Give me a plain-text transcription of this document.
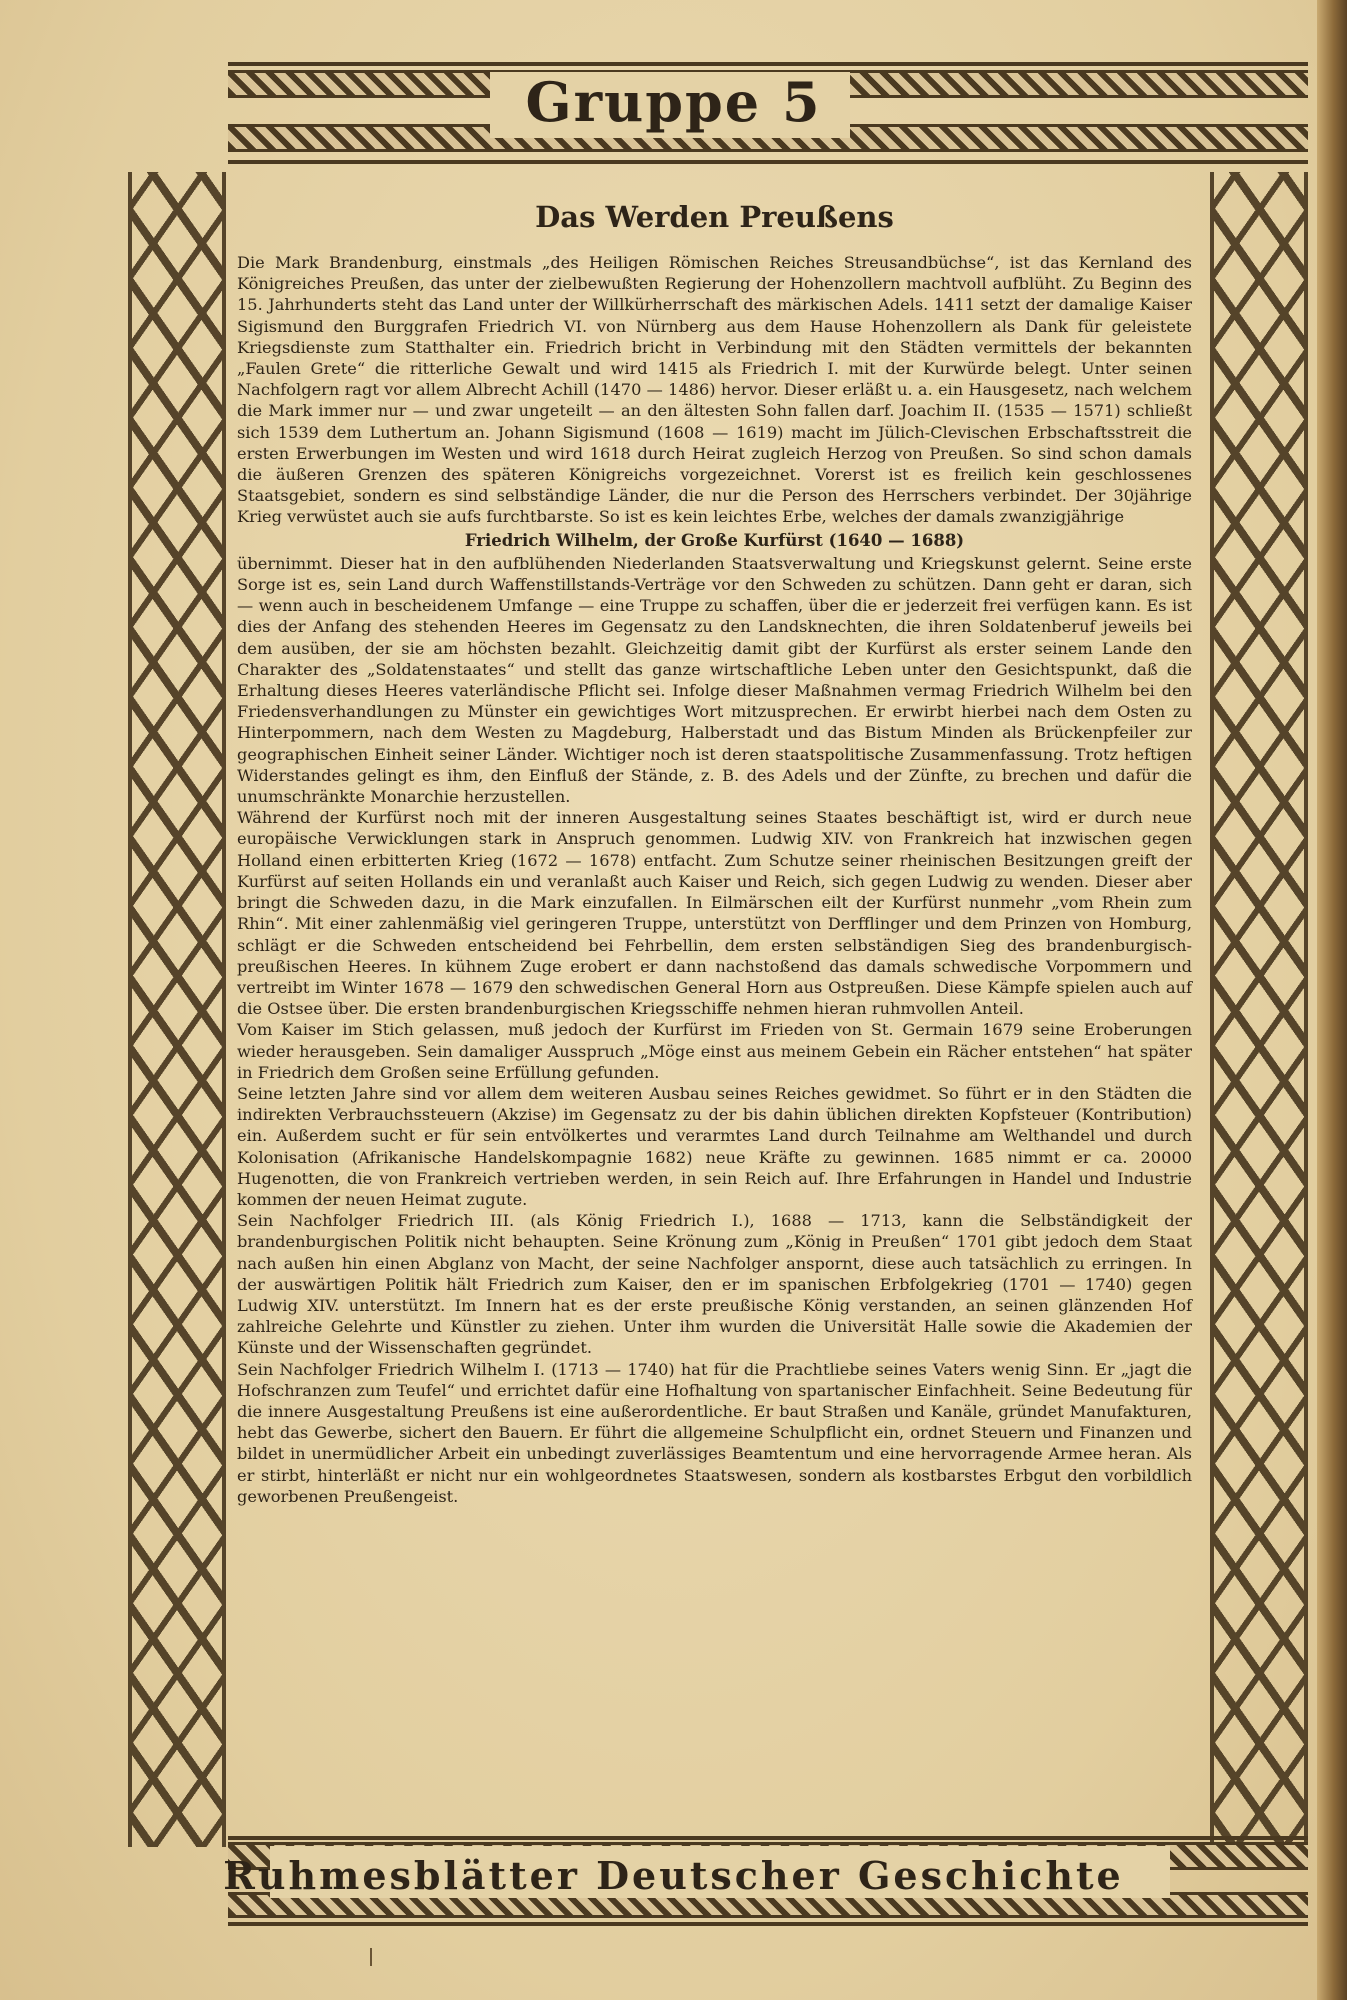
Gruppe 5
Das Werden Preußens

Die Mark Brandenburg, einstmals „des Heiligen Römischen Reiches Streusandbüchse“, ist das Kernland des Königreiches Preußen, das unter der zielbewußten Regierung der Hohenzollern machtvoll aufblüht. Zu Beginn des 15. Jahrhunderts steht das Land unter der Willkürherrschaft des märkischen Adels. 1411 setzt der damalige Kaiser Sigismund den Burggrafen Friedrich VI. von Nürnberg aus dem Hause Hohenzollern als Dank für geleistete Kriegsdienste zum Statthalter ein. Friedrich bricht in Verbindung mit den Städten vermittels der bekannten „Faulen Grete“ die ritterliche Gewalt und wird 1415 als Friedrich I. mit der Kurwürde belegt. Unter seinen Nachfolgern ragt vor allem Albrecht Achill (1470 — 1486) hervor. Dieser erläßt u. a. ein Hausgesetz, nach welchem die Mark immer nur — und zwar ungeteilt — an den ältesten Sohn fallen darf. Joachim II. (1535 — 1571) schließt sich 1539 dem Luthertum an. Johann Sigismund (1608 — 1619) macht im Jülich-Clevischen Erbschaftsstreit die ersten Erwerbungen im Westen und wird 1618 durch Heirat zugleich Herzog von Preußen. So sind schon damals die äußeren Grenzen des späteren Königreichs vorgezeichnet. Vorerst ist es freilich kein geschlossenes Staatsgebiet, sondern es sind selbständige Länder, die nur die Person des Herrschers verbindet. Der 30jährige Krieg verwüstet auch sie aufs furchtbarste. So ist es kein leichtes Erbe, welches der damals zwanzigjährige

Friedrich Wilhelm, der Große Kurfürst (1640 — 1688)

übernimmt. Dieser hat in den aufblühenden Niederlanden Staatsverwaltung und Kriegskunst gelernt. Seine erste Sorge ist es, sein Land durch Waffenstillstands-Verträge vor den Schweden zu schützen. Dann geht er daran, sich — wenn auch in bescheidenem Umfange — eine Truppe zu schaffen, über die er jederzeit frei verfügen kann. Es ist dies der Anfang des stehenden Heeres im Gegensatz zu den Landsknechten, die ihren Soldatenberuf jeweils bei dem ausüben, der sie am höchsten bezahlt. Gleichzeitig damit gibt der Kurfürst als erster seinem Lande den Charakter des „Soldatenstaates“ und stellt das ganze wirtschaftliche Leben unter den Gesichtspunkt, daß die Erhaltung dieses Heeres vaterländische Pflicht sei. Infolge dieser Maßnahmen vermag Friedrich Wilhelm bei den Friedensverhandlungen zu Münster ein gewichtiges Wort mitzusprechen. Er erwirbt hierbei nach dem Osten zu Hinterpommern, nach dem Westen zu Magdeburg, Halberstadt und das Bistum Minden als Brückenpfeiler zur geographischen Einheit seiner Länder. Wichtiger noch ist deren staatspolitische Zusammenfassung. Trotz heftigen Widerstandes gelingt es ihm, den Einfluß der Stände, z. B. des Adels und der Zünfte, zu brechen und dafür die unumschränkte Monarchie herzustellen.

Während der Kurfürst noch mit der inneren Ausgestaltung seines Staates beschäftigt ist, wird er durch neue europäische Verwicklungen stark in Anspruch genommen. Ludwig XIV. von Frankreich hat inzwischen gegen Holland einen erbitterten Krieg (1672 — 1678) entfacht. Zum Schutze seiner rheinischen Besitzungen greift der Kurfürst auf seiten Hollands ein und veranlaßt auch Kaiser und Reich, sich gegen Ludwig zu wenden. Dieser aber bringt die Schweden dazu, in die Mark einzufallen. In Eilmärschen eilt der Kurfürst nunmehr „vom Rhein zum Rhin“. Mit einer zahlenmäßig viel geringeren Truppe, unterstützt von Derfflinger und dem Prinzen von Homburg, schlägt er die Schweden entscheidend bei Fehrbellin, dem ersten selbständigen Sieg des brandenburgisch-preußischen Heeres. In kühnem Zuge erobert er dann nachstoßend das damals schwedische Vorpommern und vertreibt im Winter 1678 — 1679 den schwedischen General Horn aus Ostpreußen. Diese Kämpfe spielen auch auf die Ostsee über. Die ersten brandenburgischen Kriegsschiffe nehmen hieran ruhmvollen Anteil.

Vom Kaiser im Stich gelassen, muß jedoch der Kurfürst im Frieden von St. Germain 1679 seine Eroberungen wieder herausgeben. Sein damaliger Ausspruch „Möge einst aus meinem Gebein ein Rächer entstehen“ hat später in Friedrich dem Großen seine Erfüllung gefunden.

Seine letzten Jahre sind vor allem dem weiteren Ausbau seines Reiches gewidmet. So führt er in den Städten die indirekten Verbrauchssteuern (Akzise) im Gegensatz zu der bis dahin üblichen direkten Kopfsteuer (Kontribution) ein. Außerdem sucht er für sein entvölkertes und verarmtes Land durch Teilnahme am Welthandel und durch Kolonisation (Afrikanische Handelskompagnie 1682) neue Kräfte zu gewinnen. 1685 nimmt er ca. 20000 Hugenotten, die von Frankreich vertrieben werden, in sein Reich auf. Ihre Erfahrungen in Handel und Industrie kommen der neuen Heimat zugute.

Sein Nachfolger Friedrich III. (als König Friedrich I.), 1688 — 1713, kann die Selbständigkeit der brandenburgischen Politik nicht behaupten. Seine Krönung zum „König in Preußen“ 1701 gibt jedoch dem Staat nach außen hin einen Abglanz von Macht, der seine Nachfolger anspornt, diese auch tatsächlich zu erringen. In der auswärtigen Politik hält Friedrich zum Kaiser, den er im spanischen Erbfolgekrieg (1701 — 1740) gegen Ludwig XIV. unterstützt. Im Innern hat es der erste preußische König verstanden, an seinen glänzenden Hof zahlreiche Gelehrte und Künstler zu ziehen. Unter ihm wurden die Universität Halle sowie die Akademien der Künste und der Wissenschaften gegründet.

Sein Nachfolger Friedrich Wilhelm I. (1713 — 1740) hat für die Prachtliebe seines Vaters wenig Sinn. Er „jagt die Hofschranzen zum Teufel“ und errichtet dafür eine Hofhaltung von spartanischer Einfachheit. Seine Bedeutung für die innere Ausgestaltung Preußens ist eine außerordentliche. Er baut Straßen und Kanäle, gründet Manufakturen, hebt das Gewerbe, sichert den Bauern. Er führt die allgemeine Schulpflicht ein, ordnet Steuern und Finanzen und bildet in unermüdlicher Arbeit ein unbedingt zuverlässiges Beamtentum und eine hervorragende Armee heran. Als er stirbt, hinterläßt er nicht nur ein wohlgeordnetes Staatswesen, sondern als kostbarstes Erbgut den vorbildlich geworbenen Preußengeist.

Ruhmesblätter Deutscher Geschichte
